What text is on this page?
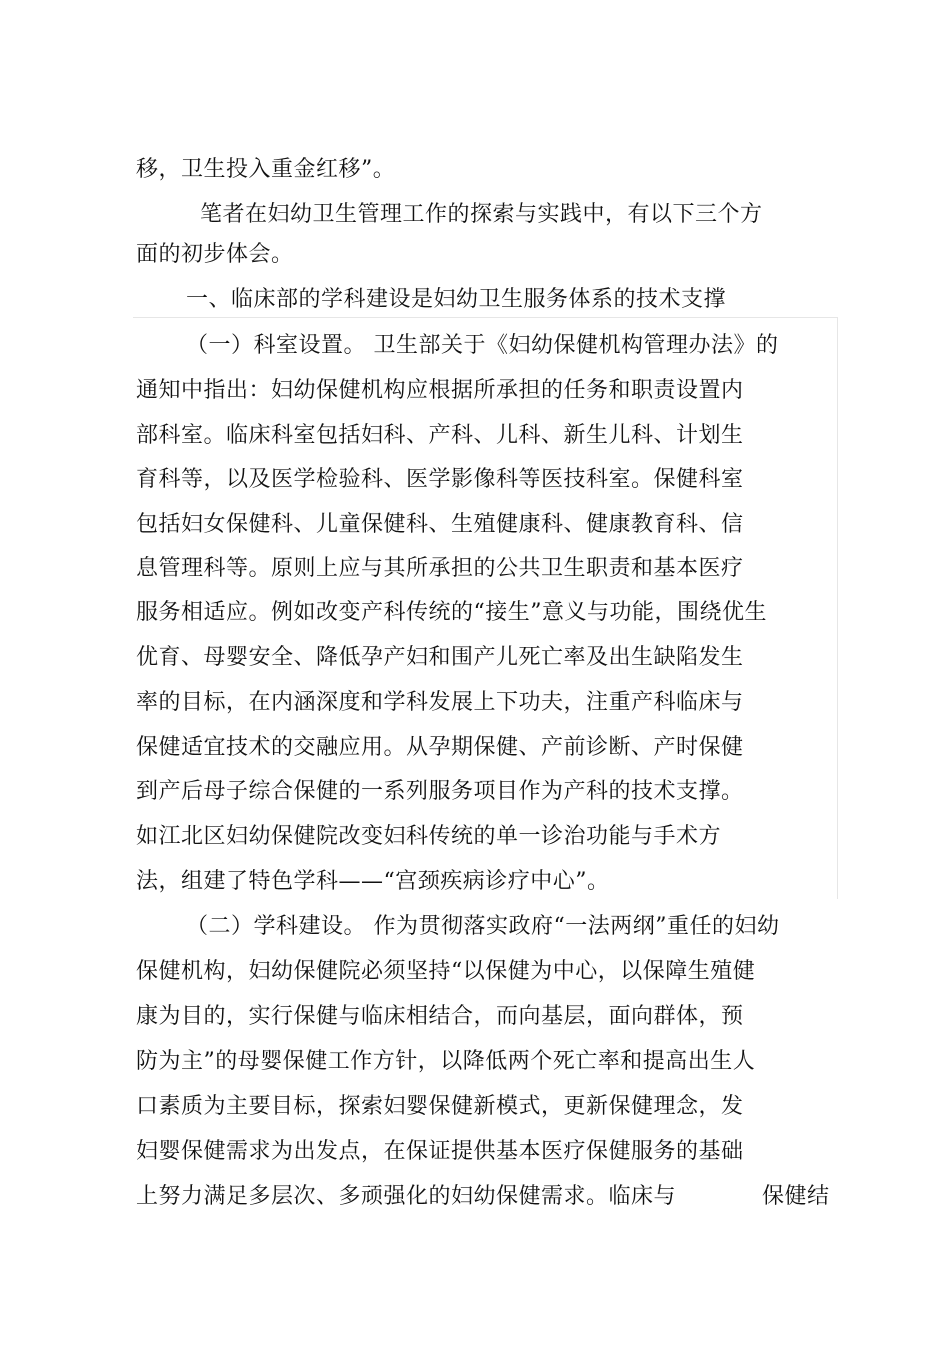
移，卫生投入重金红移”。
笔者在妇幼卫生管理工作的探索与实践中，有以下三个方
面的初步体会。
一、临床部的学科建设是妇幼卫生服务体系的技术支撑
（一）科室设置。 卫生部关于《妇幼保健机构管理办法》的
通知中指出：妇幼保健机构应根据所承担的任务和职责设置内
部科室。临床科室包括妇科、产科、儿科、新生儿科、计划生
育科等，以及医学检验科、医学影像科等医技科室。保健科室
包括妇女保健科、儿童保健科、生殖健康科、健康教育科、信
息管理科等。原则上应与其所承担的公共卫生职责和基本医疗
服务相适应。例如改变产科传统的“接生”意义与功能，围绕优生
优育、母婴安全、降低孕产妇和围产儿死亡率及出生缺陷发生
率的目标，在内涵深度和学科发展上下功夫，注重产科临床与
保健适宜技术的交融应用。从孕期保健、产前诊断、产时保健
到产后母子综合保健的一系列服务项目作为产科的技术支撑。
如江北区妇幼保健院改变妇科传统的单一诊治功能与手术方
法，组建了特色学科——“宫颈疾病诊疗中心”。
（二）学科建设。 作为贯彻落实政府“一法两纲”重任的妇幼
保健机构，妇幼保健院必须坚持“以保健为中心，以保障生殖健
康为目的，实行保健与临床相结合，而向基层，面向群体，预
防为主”的母婴保健工作方针，以降低两个死亡率和提高出生人
口素质为主要目标，探索妇婴保健新模式，更新保健理念，发
妇婴保健需求为出发点，在保证提供基本医疗保健服务的基础
上努力满足多层次、多顽强化的妇幼保健需求。临床与	保健结
